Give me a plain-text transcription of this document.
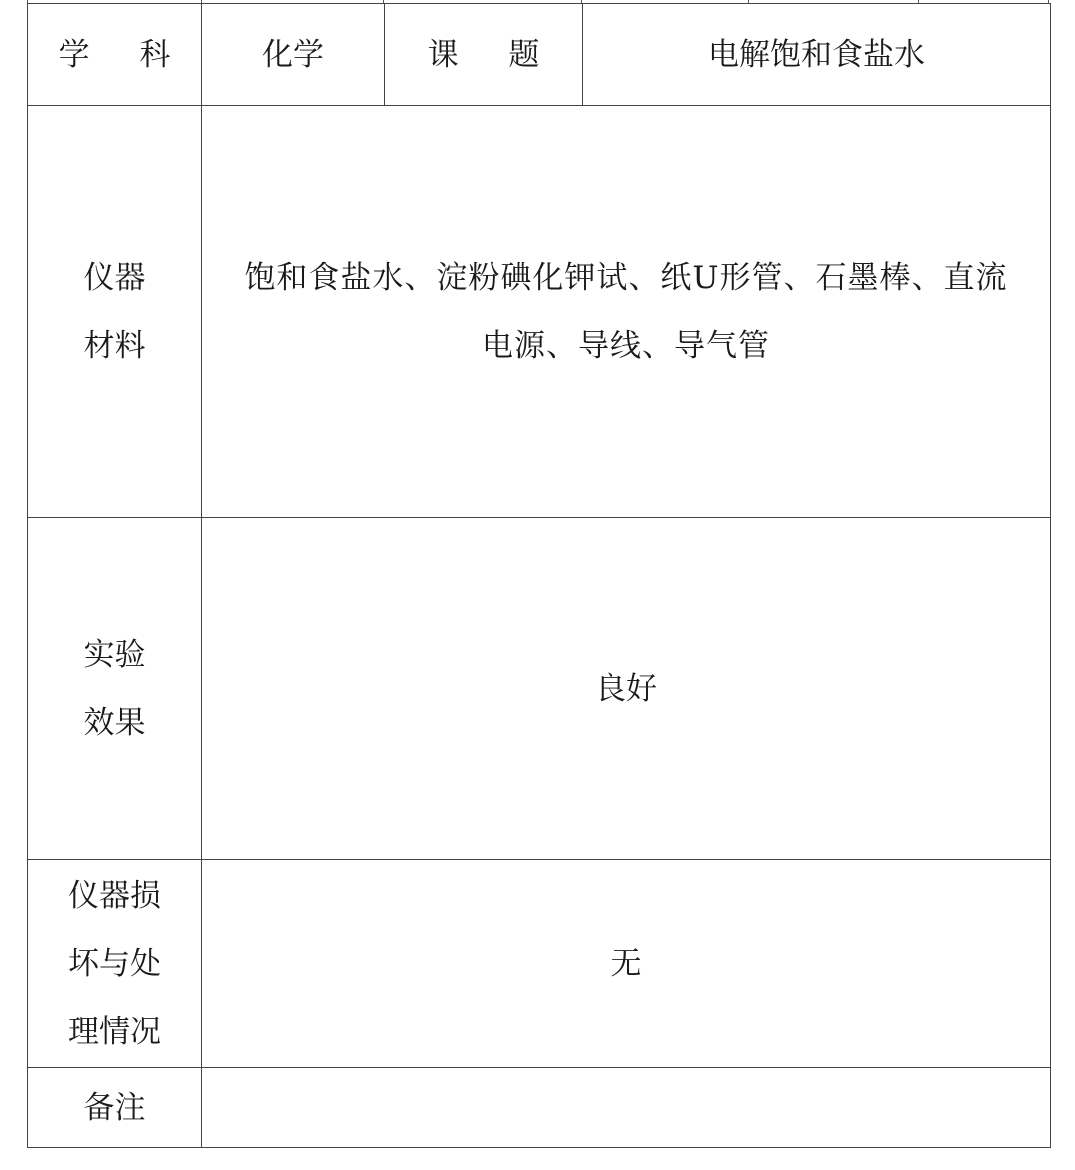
学 科	化学	课 题	电解饱和食盐水

仪器
材料	饱和食盐水、淀粉碘化钾试、纸U形管、石墨棒、直流
电源、导线、导气管		

实验
效果	良好		

仪器损
坏与处
理情况	无		
备注			
